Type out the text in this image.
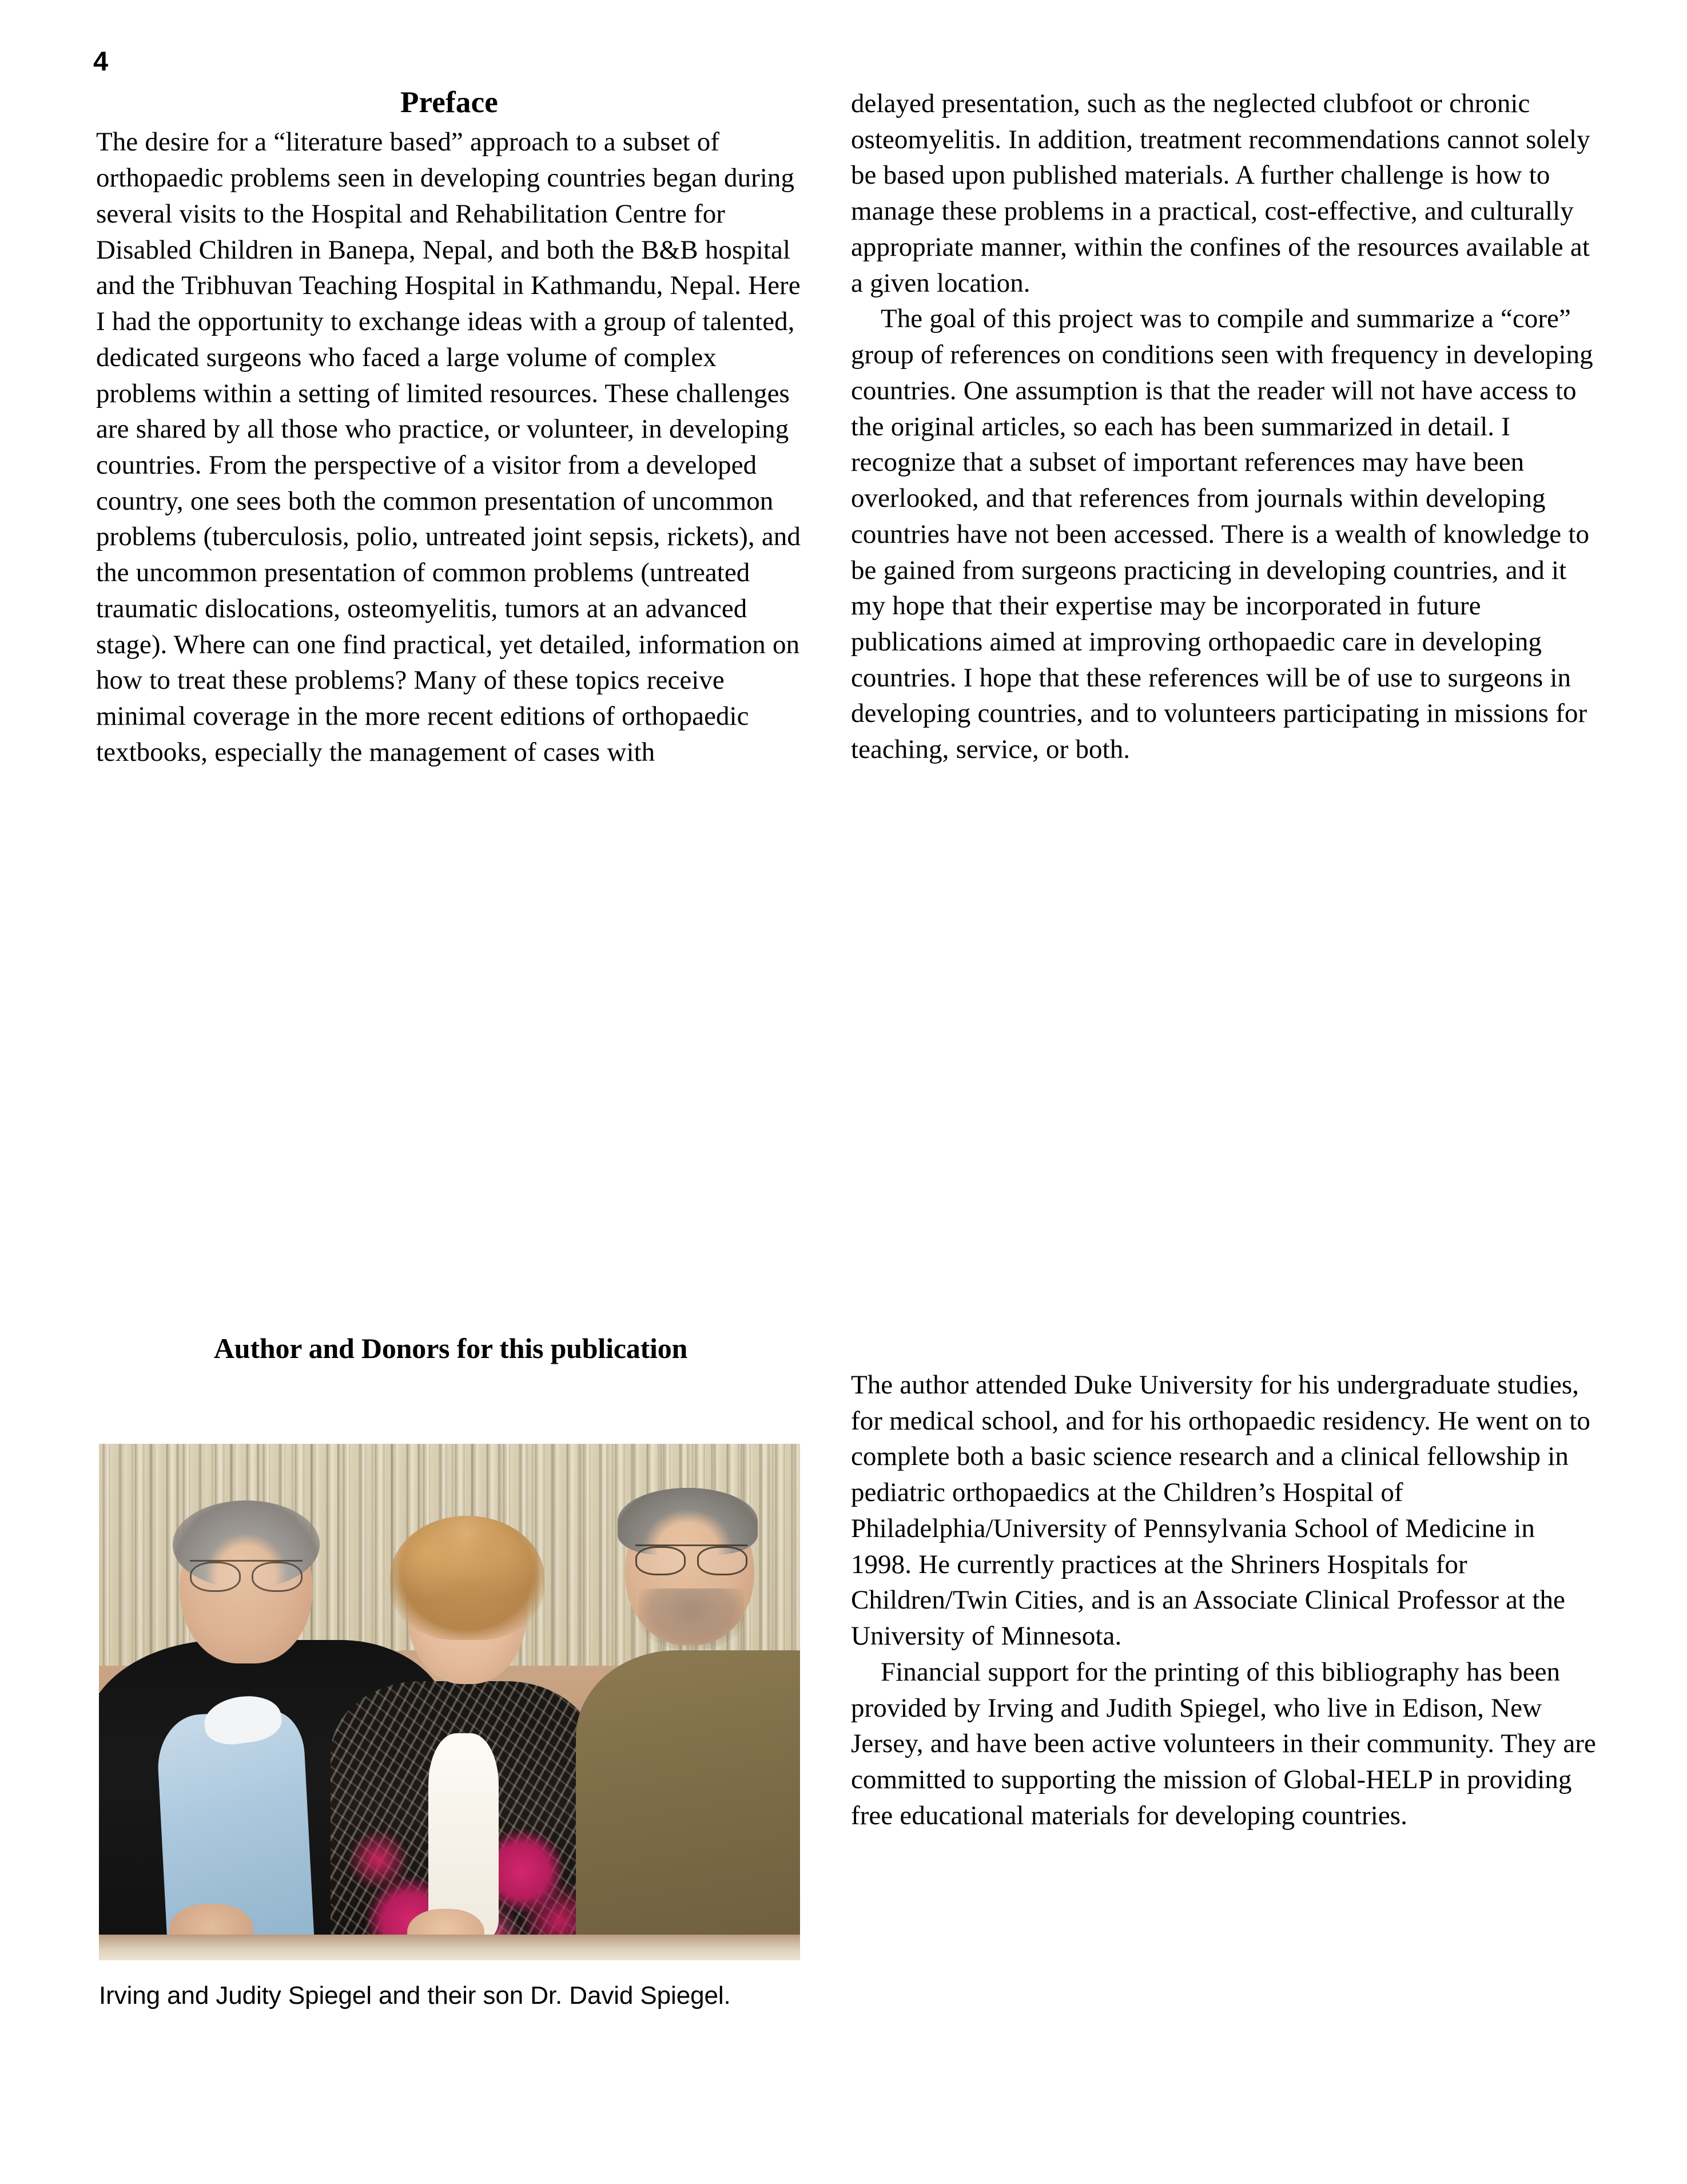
4
Preface

The desire for a “literature based” approach to a subset of orthopaedic problems seen in developing countries began during several visits to the Hospital and Rehabilitation Centre for Disabled Children in Banepa, Nepal, and both the B&B hospital and the Tribhuvan Teaching Hospital in Kathmandu, Nepal. Here I had the opportunity to exchange ideas with a group of talented, dedicated surgeons who faced a large volume of complex problems within a setting of limited resources. These challenges are shared by all those who practice, or volunteer, in developing countries. From the perspective of a visitor from a developed country, one sees both the common presentation of uncommon problems (tuberculosis, polio, untreated joint sepsis, rickets), and the uncommon presentation of common problems (untreated traumatic dislocations, osteomyelitis, tumors at an advanced stage). Where can one find practical, yet detailed, information on how to treat these problems? Many of these topics receive minimal coverage in the more recent editions of orthopaedic textbooks, especially the management of cases with

delayed presentation, such as the neglected clubfoot or chronic osteomyelitis. In addition, treatment recommendations cannot solely be based upon published materials. A further challenge is how to manage these problems in a practical, cost-effective, and culturally appropriate manner, within the confines of the resources available at a given location.

The goal of this project was to compile and summarize a “core” group of references on conditions seen with frequency in developing countries. One assumption is that the reader will not have access to the original articles, so each has been summarized in detail. I recognize that a subset of important references may have been overlooked, and that references from journals within developing countries have not been accessed. There is a wealth of knowledge to be gained from surgeons practicing in developing countries, and it my hope that their expertise may be incorporated in future publications aimed at improving orthopaedic care in developing countries. I hope that these references will be of use to surgeons in developing countries, and to volunteers participating in missions for teaching, service, or both.

Author and Donors for this publication
Irving and Judity Spiegel and their son Dr. David Spiegel.

The author attended Duke University for his undergraduate studies, for medical school, and for his orthopaedic residency. He went on to complete both a basic science research and a clinical fellowship in pediatric orthopaedics at the Children’s Hospital of Philadelphia/University of Pennsylvania School of Medicine in 1998. He currently practices at the Shriners Hospitals for Children/Twin Cities, and is an Associate Clinical Professor at the University of Minnesota.

Financial support for the printing of this bibliography has been provided by Irving and Judith Spiegel, who live in Edison, New Jersey, and have been active volunteers in their community. They are committed to supporting the mission of Global-HELP in providing free educational materials for developing countries.
